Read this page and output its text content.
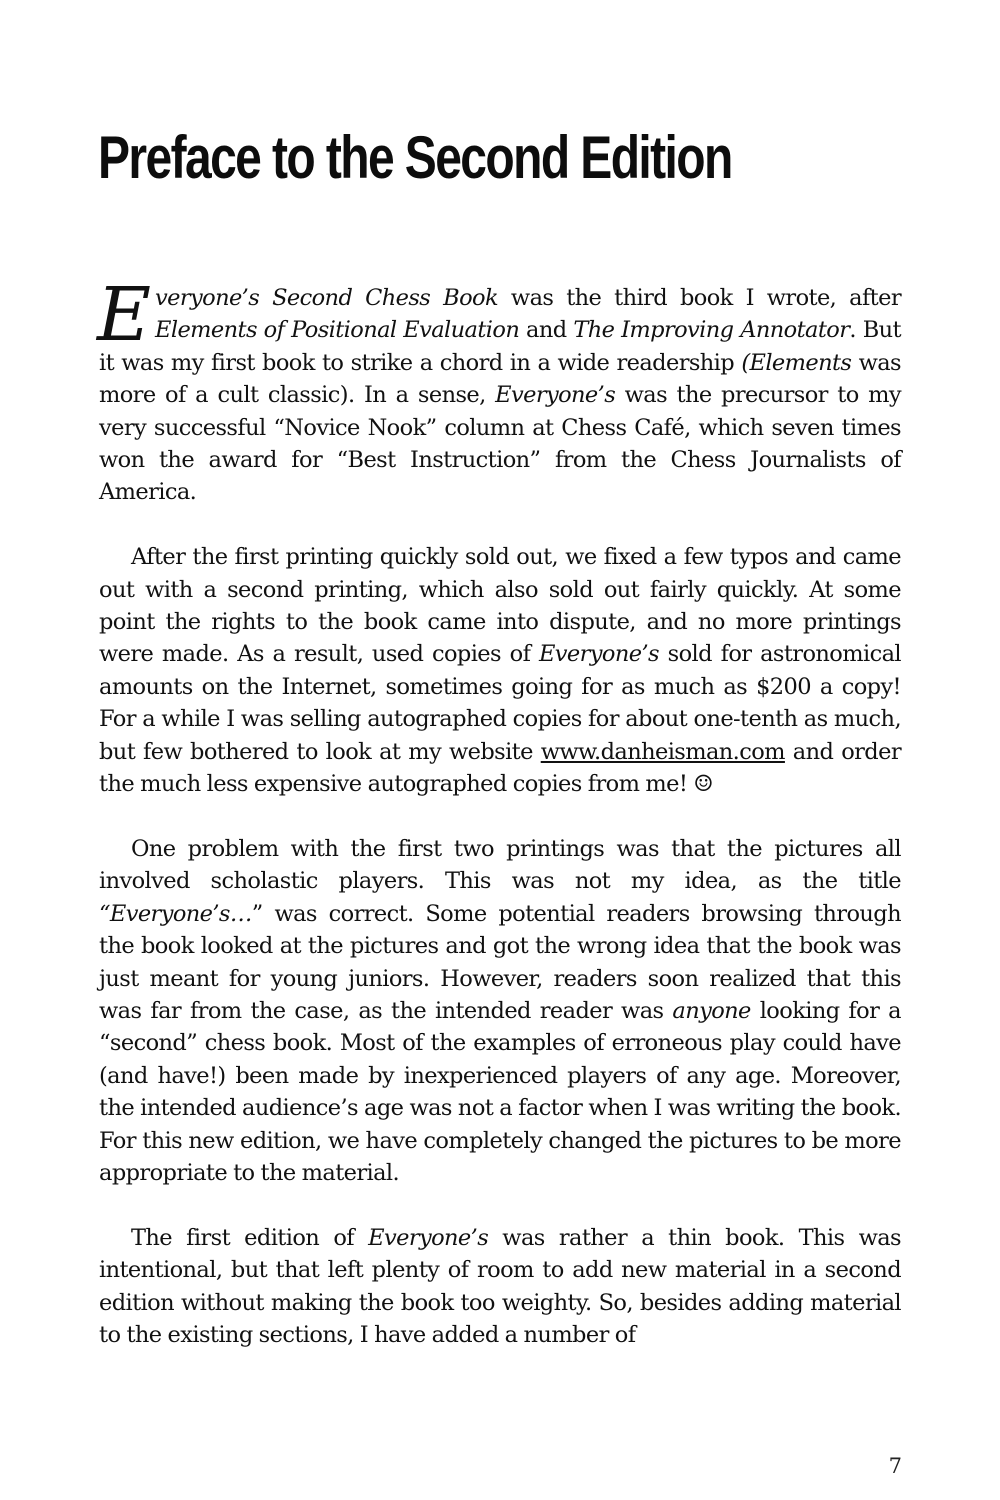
Preface to the Second Edition

Everyone’s Second Chess Book was the third book I wrote, after Elements of Positional Evaluation and The Improving Annotator. But it was my first book to strike a chord in a wide readership (Elements was more of a cult classic). In a sense, Everyone’s was the precursor to my very successful “Novice Nook” column at Chess Café, which seven times won the award for “Best Instruction” from the Chess Journalists of America.

After the first printing quickly sold out, we fixed a few typos and came out with a second printing, which also sold out fairly quickly. At some point the rights to the book came into dispute, and no more printings were made. As a result, used copies of Everyone’s sold for astronomical amounts on the Internet, sometimes going for as much as $200 a copy! For a while I was selling autographed copies for about one-tenth as much, but few bothered to look at my website www.danheisman.com and order the much less expensive autographed copies from me! ☺

One problem with the first two printings was that the pictures all involved scholastic players. This was not my idea, as the title “Everyone’s…” was correct. Some potential readers browsing through the book looked at the pictures and got the wrong idea that the book was just meant for young juniors. However, readers soon realized that this was far from the case, as the intended reader was anyone looking for a “second” chess book. Most of the examples of erroneous play could have (and have!) been made by inexperienced players of any age. Moreover, the intended audience’s age was not a factor when I was writing the book. For this new edition, we have completely changed the pictures to be more appropriate to the material.

The first edition of Everyone’s was rather a thin book. This was intentional, but that left plenty of room to add new material in a second edition without making the book too weighty. So, besides adding material to the existing sections, I have added a number of

7
